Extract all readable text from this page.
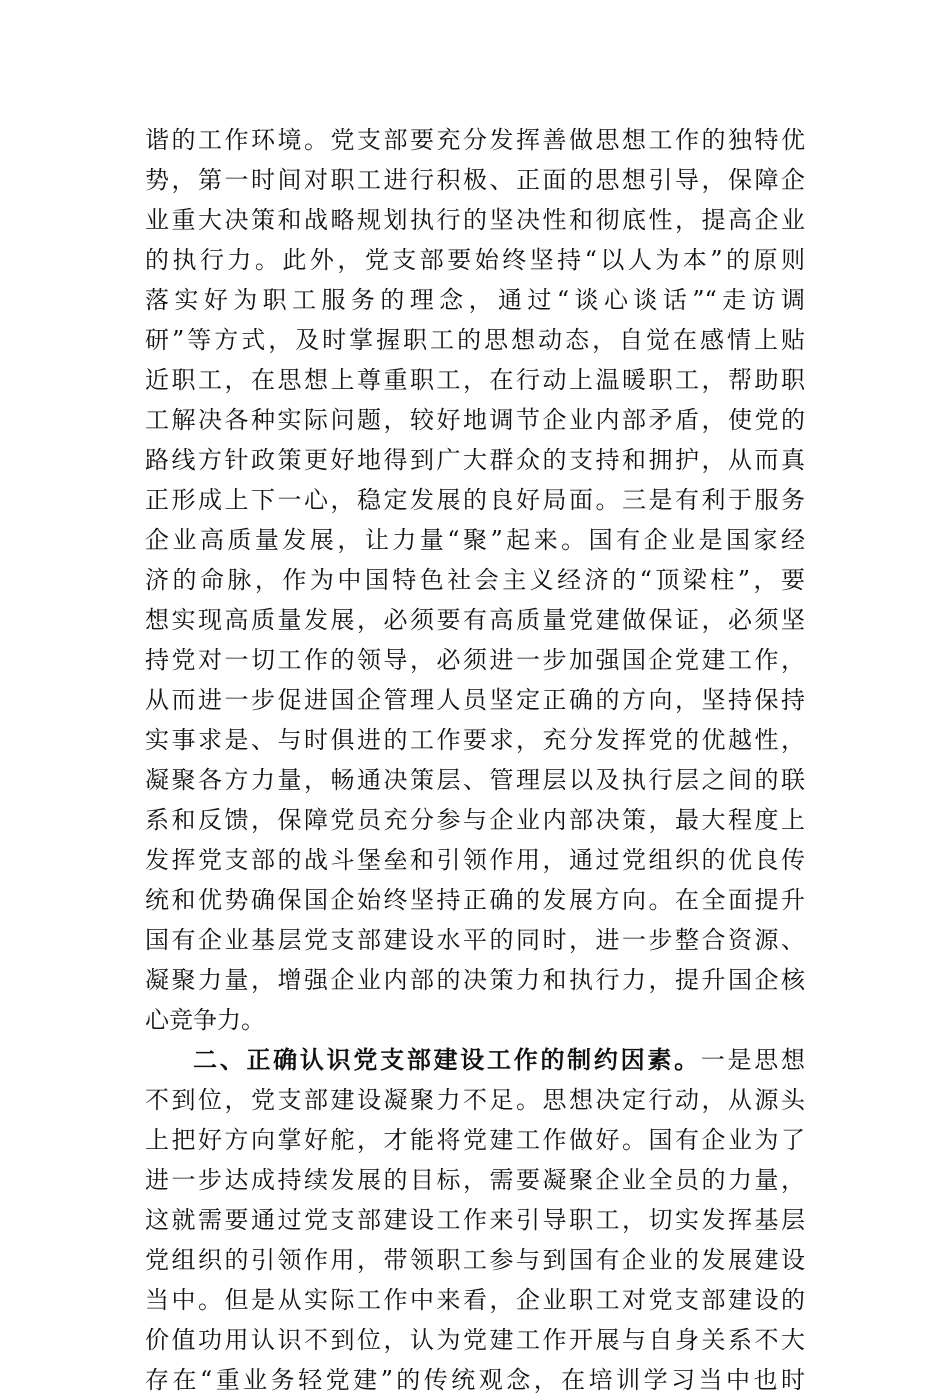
谐的工作环境。党支部要充分发挥善做思想工作的独特优
势，第一时间对职工进行积极、正面的思想引导，保障企
业重大决策和战略规划执行的坚决性和彻底性，提高企业
的执行力。此外，党支部要始终坚持“以人为本”的原则
落实好为职工服务的理念，通过“谈心谈话”“走访调
研”等方式，及时掌握职工的思想动态，自觉在感情上贴
近职工，在思想上尊重职工，在行动上温暖职工，帮助职
工解决各种实际问题，较好地调节企业内部矛盾，使党的
路线方针政策更好地得到广大群众的支持和拥护，从而真
正形成上下一心，稳定发展的良好局面。三是有利于服务
企业高质量发展，让力量“聚”起来。国有企业是国家经
济的命脉，作为中国特色社会主义经济的“顶梁柱”，要
想实现高质量发展，必须要有高质量党建做保证，必须坚
持党对一切工作的领导，必须进一步加强国企党建工作，
从而进一步促进国企管理人员坚定正确的方向，坚持保持
实事求是、与时俱进的工作要求，充分发挥党的优越性，
凝聚各方力量，畅通决策层、管理层以及执行层之间的联
系和反馈，保障党员充分参与企业内部决策，最大程度上
发挥党支部的战斗堡垒和引领作用，通过党组织的优良传
统和优势确保国企始终坚持正确的发展方向。在全面提升
国有企业基层党支部建设水平的同时，进一步整合资源、
凝聚力量，增强企业内部的决策力和执行力，提升国企核
心竞争力。
二、正确认识党支部建设工作的制约因素。一是思想
不到位，党支部建设凝聚力不足。思想决定行动，从源头
上把好方向掌好舵，才能将党建工作做好。国有企业为了
进一步达成持续发展的目标，需要凝聚企业全员的力量，
这就需要通过党支部建设工作来引导职工，切实发挥基层
党组织的引领作用，带领职工参与到国有企业的发展建设
当中。但是从实际工作中来看，企业职工对党支部建设的
价值功用认识不到位，认为党建工作开展与自身关系不大
存在“重业务轻党建”的传统观念，在培训学习当中也时
